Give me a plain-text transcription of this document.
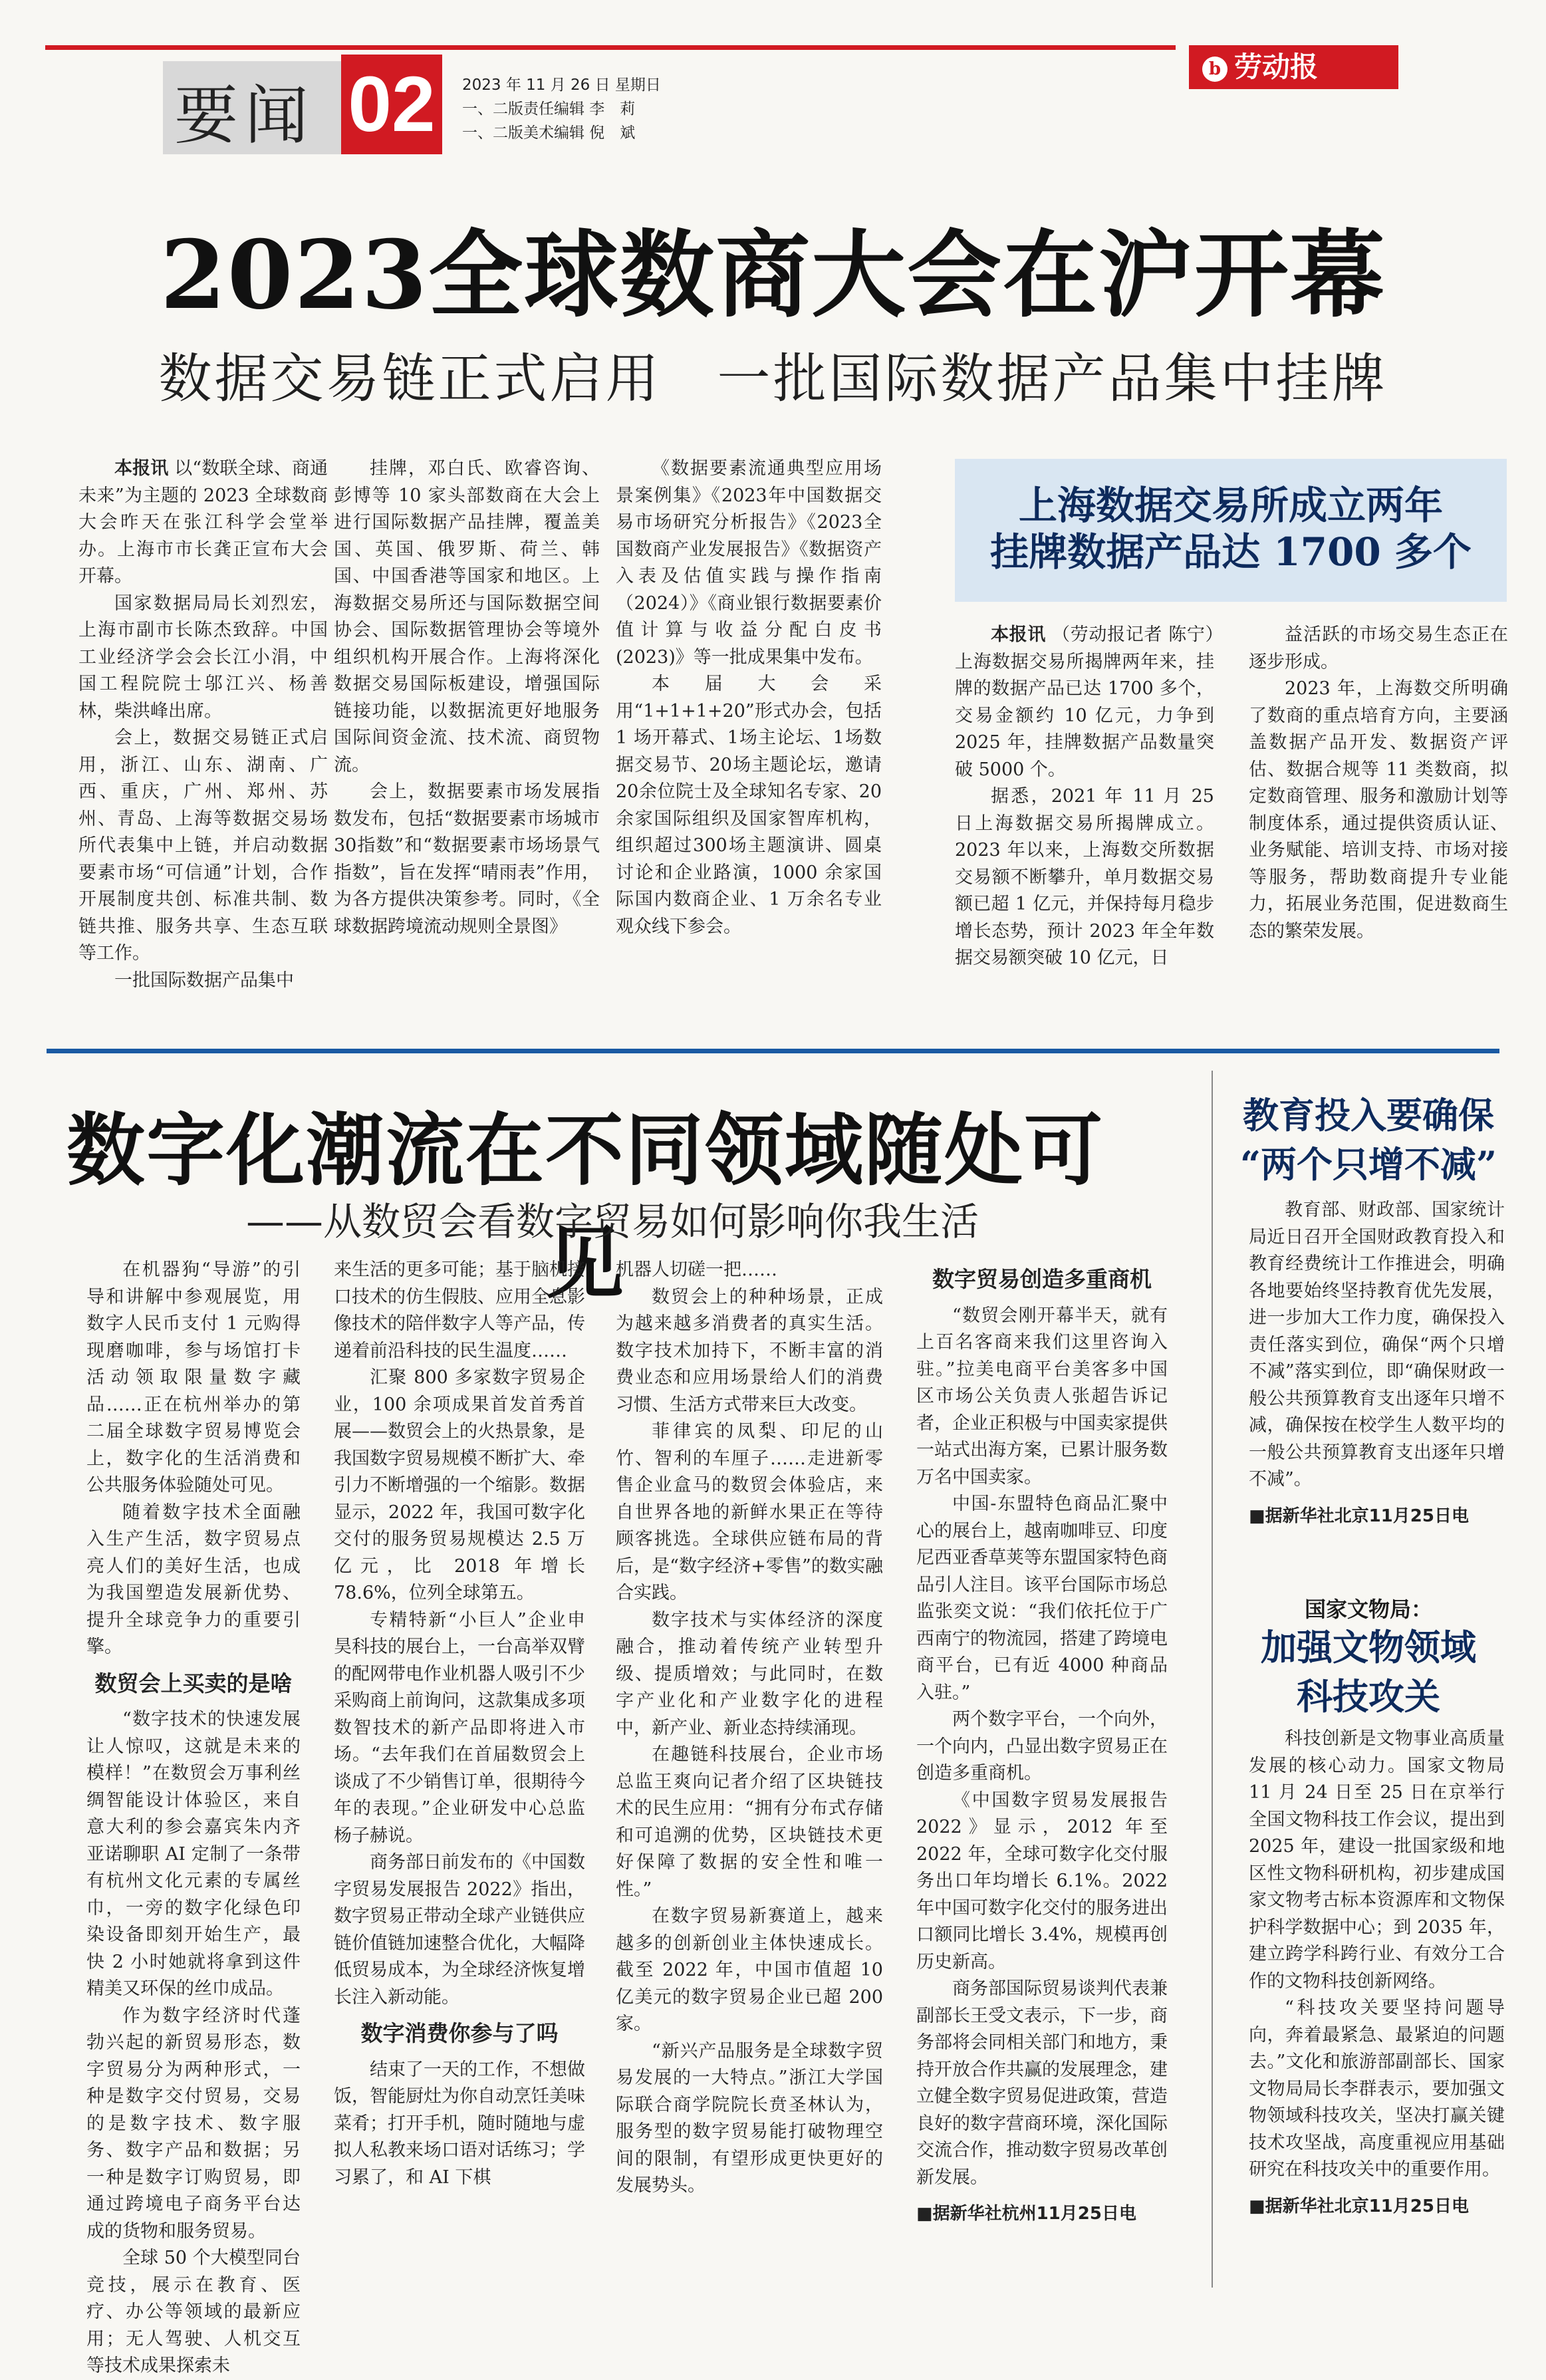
要闻 02	2023 年 11 月 26 日 星期日
一、二版责任编辑 李　莉
一、二版美术编辑 倪　斌
b 劳动报
2023全球数商大会在沪开幕
数据交易链正式启用　一批国际数据产品集中挂牌

本报讯 以“数联全球、商通未来”为主题的 2023 全球数商大会昨天在张江科学会堂举办。上海市市长龚正宣布大会开幕。

国家数据局局长刘烈宏，上海市副市长陈杰致辞。中国工业经济学会会长江小涓，中国工程院院士邬江兴、杨善林，柴洪峰出席。

会上，数据交易链正式启用，浙江、山东、湖南、广西、重庆，广州、郑州、苏州、青岛、上海等数据交易场所代表集中上链，并启动数据要素市场“可信通”计划，合作开展制度共创、标准共制、数链共推、服务共享、生态互联等工作。

一批国际数据产品集中

挂牌，邓白氏、欧睿咨询、彭博等 10 家头部数商在大会上进行国际数据产品挂牌，覆盖美国、英国、俄罗斯、荷兰、韩国、中国香港等国家和地区。上海数据交易所还与国际数据空间协会、国际数据管理协会等境外组织机构开展合作。上海将深化数据交易国际板建设，增强国际链接功能，以数据流更好地服务国际间资金流、技术流、商贸物流。

会上，数据要素市场发展指数发布，包括“数据要素市场城市30指数”和“数据要素市场场景气指数”，旨在发挥“晴雨表”作用，为各方提供决策参考。同时，《全球数据跨境流动规则全景图》

《数据要素流通典型应用场景案例集》《2023年中国数据交易市场研究分析报告》《2023全国数商产业发展报告》《数据资产入表及估值实践与操作指南（2024）》《商业银行数据要素价值计算与收益分配白皮书(2023)》等一批成果集中发布。

本届大会采用“1+1+1+20”形式办会，包括 1 场开幕式、1场主论坛、1场数据交易节、20场主题论坛，邀请20余位院士及全球知名专家、20余家国际组织及国家智库机构，组织超过300场主题演讲、圆桌讨论和企业路演，1000 余家国际国内数商企业、1 万余名专业观众线下参会。

上海数据交易所成立两年
挂牌数据产品达 1700 多个

本报讯 （劳动报记者 陈宁）上海数据交易所揭牌两年来，挂牌的数据产品已达 1700 多个，交易金额约 10 亿元，力争到 2025 年，挂牌数据产品数量突破 5000 个。

据悉，2021 年 11 月 25 日上海数据交易所揭牌成立。2023 年以来，上海数交所数据交易额不断攀升，单月数据交易额已超 1 亿元，并保持每月稳步增长态势，预计 2023 年全年数据交易额突破 10 亿元，日

益活跃的市场交易生态正在逐步形成。

2023 年，上海数交所明确了数商的重点培育方向，主要涵盖数据产品开发、数据资产评估、数据合规等 11 类数商，拟定数商管理、服务和激励计划等制度体系，通过提供资质认证、业务赋能、培训支持、市场对接等服务，帮助数商提升专业能力，拓展业务范围，促进数商生态的繁荣发展。

数字化潮流在不同领域随处可见
——从数贸会看数字贸易如何影响你我生活

在机器狗“导游”的引导和讲解中参观展览，用数字人民币支付 1 元购得现磨咖啡，参与场馆打卡活动领取限量数字藏品……正在杭州举办的第二届全球数字贸易博览会上，数字化的生活消费和公共服务体验随处可见。

随着数字技术全面融入生产生活，数字贸易点亮人们的美好生活，也成为我国塑造发展新优势、提升全球竞争力的重要引擎。

数贸会上买卖的是啥

“数字技术的快速发展让人惊叹，这就是未来的模样！”在数贸会万事利丝绸智能设计体验区，来自意大利的参会嘉宾朱内齐亚诺聊职 AI 定制了一条带有杭州文化元素的专属丝巾，一旁的数字化绿色印染设备即刻开始生产，最快 2 小时她就将拿到这件精美又环保的丝巾成品。

作为数字经济时代蓬勃兴起的新贸易形态，数字贸易分为两种形式，一种是数字交付贸易，交易的是数字技术、数字服务、数字产品和数据；另一种是数字订购贸易，即通过跨境电子商务平台达成的货物和服务贸易。

全球 50 个大模型同台竞技，展示在教育、医疗、办公等领域的最新应用；无人驾驶、人机交互等技术成果探索未

来生活的更多可能；基于脑机接口技术的仿生假肢、应用全息影像技术的陪伴数字人等产品，传递着前沿科技的民生温度……

汇聚 800 多家数字贸易企业，100 余项成果首发首秀首展——数贸会上的火热景象，是我国数字贸易规模不断扩大、牵引力不断增强的一个缩影。数据显示，2022 年，我国可数字化交付的服务贸易规模达 2.5 万亿元，比 2018 年增长 78.6%，位列全球第五。

专精特新“小巨人”企业申昊科技的展台上，一台高举双臂的配网带电作业机器人吸引不少采购商上前询问，这款集成多项数智技术的新产品即将进入市场。“去年我们在首届数贸会上谈成了不少销售订单，很期待今年的表现。”企业研发中心总监杨子赫说。

商务部日前发布的《中国数字贸易发展报告 2022》指出，数字贸易正带动全球产业链供应链价值链加速整合优化，大幅降低贸易成本，为全球经济恢复增长注入新动能。

数字消费你参与了吗

结束了一天的工作，不想做饭，智能厨灶为你自动烹饪美味菜肴；打开手机，随时随地与虚拟人私教来场口语对话练习；学习累了，和 AI 下棋

机器人切磋一把……

数贸会上的种种场景，正成为越来越多消费者的真实生活。数字技术加持下，不断丰富的消费业态和应用场景给人们的消费习惯、生活方式带来巨大改变。

菲律宾的凤梨、印尼的山竹、智利的车厘子……走进新零售企业盒马的数贸会体验店，来自世界各地的新鲜水果正在等待顾客挑选。全球供应链布局的背后，是“数字经济+零售”的数实融合实践。

数字技术与实体经济的深度融合，推动着传统产业转型升级、提质增效；与此同时，在数字产业化和产业数字化的进程中，新产业、新业态持续涌现。

在趣链科技展台，企业市场总监王爽向记者介绍了区块链技术的民生应用：“拥有分布式存储和可追溯的优势，区块链技术更好保障了数据的安全性和唯一性。”

在数字贸易新赛道上，越来越多的创新创业主体快速成长。截至 2022 年，中国市值超 10 亿美元的数字贸易企业已超 200 家。

“新兴产品服务是全球数字贸易发展的一大特点。”浙江大学国际联合商学院院长贲圣林认为，服务型的数字贸易能打破物理空间的限制，有望形成更快更好的发展势头。

数字贸易创造多重商机

“数贸会刚开幕半天，就有上百名客商来我们这里咨询入驻。”拉美电商平台美客多中国区市场公关负责人张超告诉记者，企业正积极与中国卖家提供一站式出海方案，已累计服务数万名中国卖家。

中国-东盟特色商品汇聚中心的展台上，越南咖啡豆、印度尼西亚香草荚等东盟国家特色商品引人注目。该平台国际市场总监张奕文说：“我们依托位于广西南宁的物流园，搭建了跨境电商平台，已有近 4000 种商品入驻。”

两个数字平台，一个向外，一个向内，凸显出数字贸易正在创造多重商机。

《中国数字贸易发展报告 2022》显示，2012 年至 2022 年，全球可数字化交付服务出口年均增长 6.1%。2022 年中国可数字化交付的服务进出口额同比增长 3.4%，规模再创历史新高。

商务部国际贸易谈判代表兼副部长王受文表示，下一步，商务部将会同相关部门和地方，秉持开放合作共赢的发展理念，建立健全数字贸易促进政策，营造良好的数字营商环境，深化国际交流合作，推动数字贸易改革创新发展。

■ 据新华社杭州11月25日电

教育投入要确保
“两个只增不减”

教育部、财政部、国家统计局近日召开全国财政教育投入和教育经费统计工作推进会，明确各地要始终坚持教育优先发展，进一步加大工作力度，确保投入责任落实到位，确保“两个只增不减”落实到位，即“确保财政一般公共预算教育支出逐年只增不减，确保按在校学生人数平均的一般公共预算教育支出逐年只增不减”。

■ 据新华社北京11月25日电

国家文物局：
加强文物领域
科技攻关

科技创新是文物事业高质量发展的核心动力。国家文物局 11 月 24 日至 25 日在京举行全国文物科技工作会议，提出到 2025 年，建设一批国家级和地区性文物科研机构，初步建成国家文物考古标本资源库和文物保护科学数据中心；到 2035 年，建立跨学科跨行业、有效分工合作的文物科技创新网络。

“科技攻关要坚持问题导向，奔着最紧急、最紧迫的问题去。”文化和旅游部副部长、国家文物局局长李群表示，要加强文物领域科技攻关，坚决打赢关键技术攻坚战，高度重视应用基础研究在科技攻关中的重要作用。

■ 据新华社北京11月25日电
